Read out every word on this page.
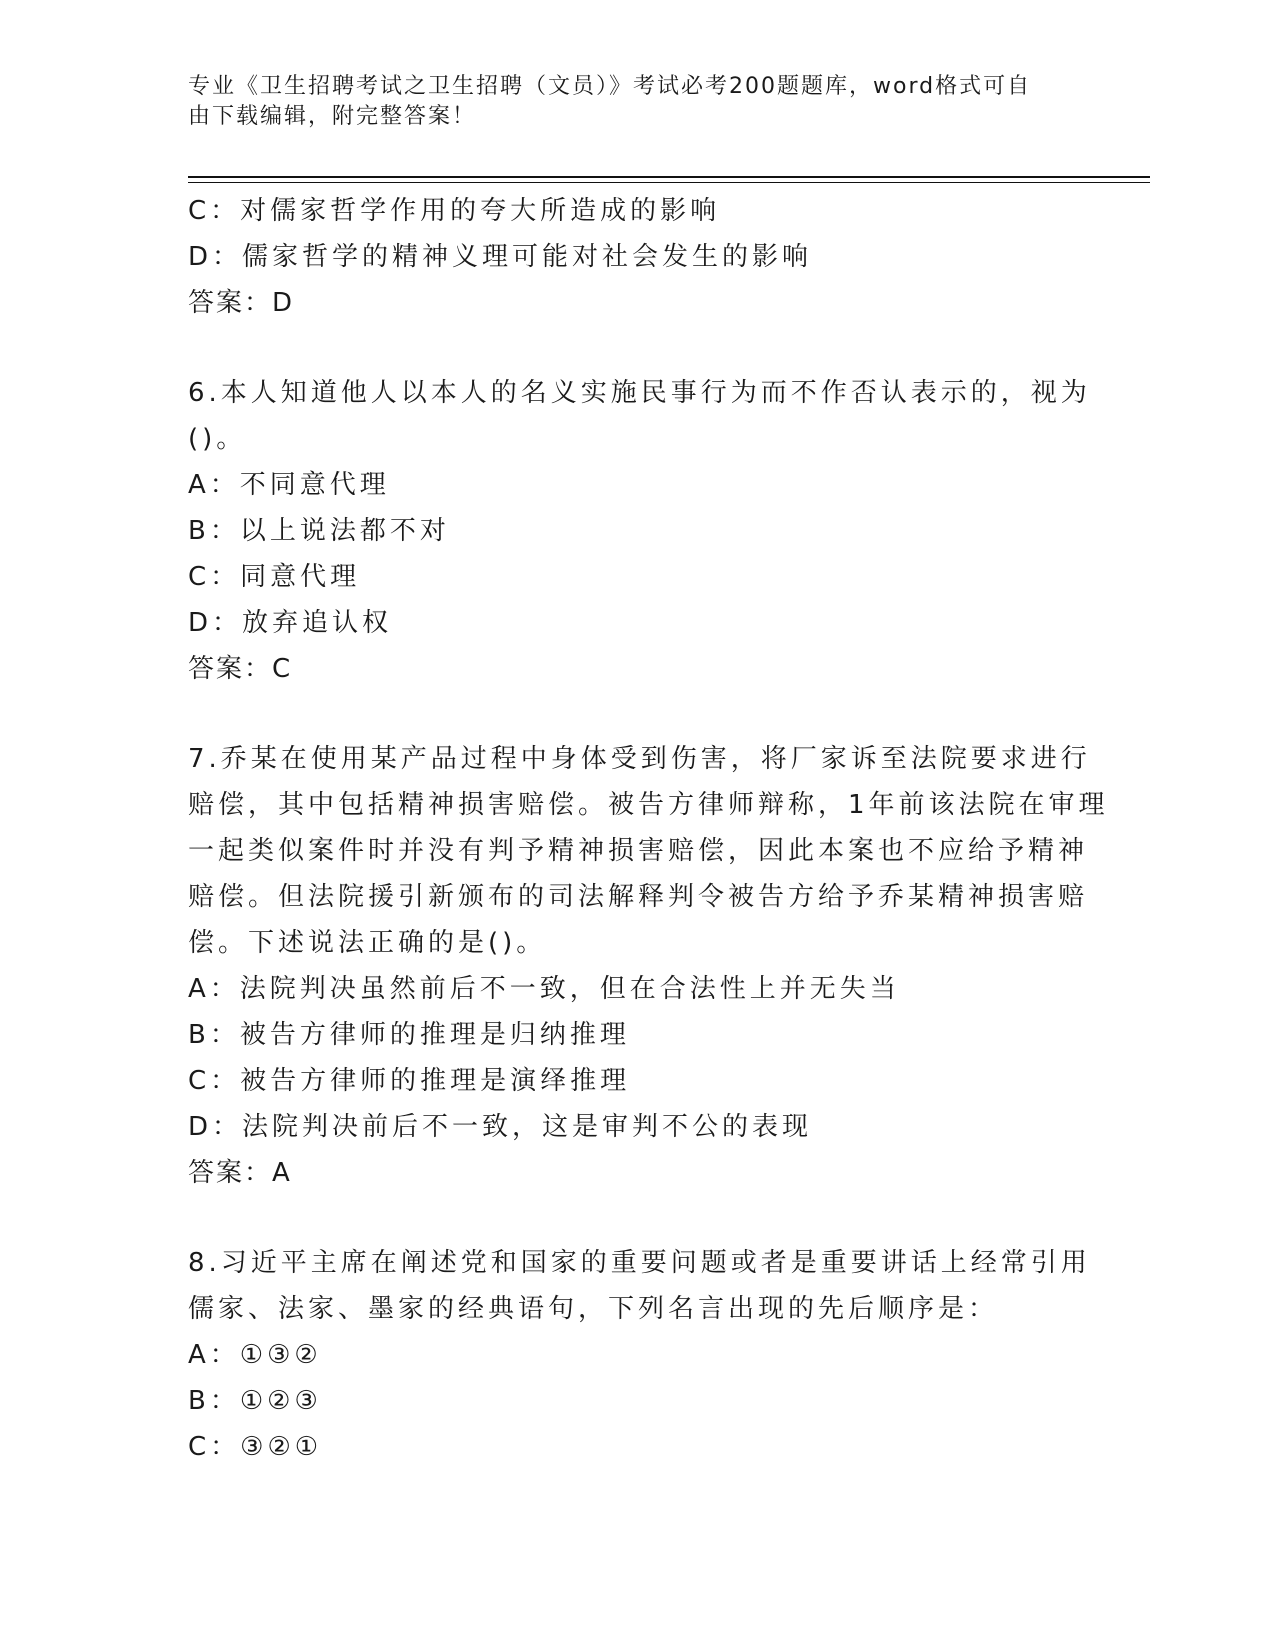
专业《卫生招聘考试之卫生招聘（文员）》考试必考200题题库，word格式可自
由下载编辑，附完整答案！
C：对儒家哲学作用的夸大所造成的影响
D：儒家哲学的精神义理可能对社会发生的影响
答案：D
6.本人知道他人以本人的名义实施民事行为而不作否认表示的，视为
()。
A：不同意代理
B：以上说法都不对
C：同意代理
D：放弃追认权
答案：C
7.乔某在使用某产品过程中身体受到伤害，将厂家诉至法院要求进行
赔偿，其中包括精神损害赔偿。被告方律师辩称，1年前该法院在审理
一起类似案件时并没有判予精神损害赔偿，因此本案也不应给予精神
赔偿。但法院援引新颁布的司法解释判令被告方给予乔某精神损害赔
偿。下述说法正确的是()。
A：法院判决虽然前后不一致，但在合法性上并无失当
B：被告方律师的推理是归纳推理
C：被告方律师的推理是演绎推理
D：法院判决前后不一致，这是审判不公的表现
答案：A
8.习近平主席在阐述党和国家的重要问题或者是重要讲话上经常引用
儒家、法家、墨家的经典语句，下列名言出现的先后顺序是：
A：①③②
B：①②③
C：③②①
